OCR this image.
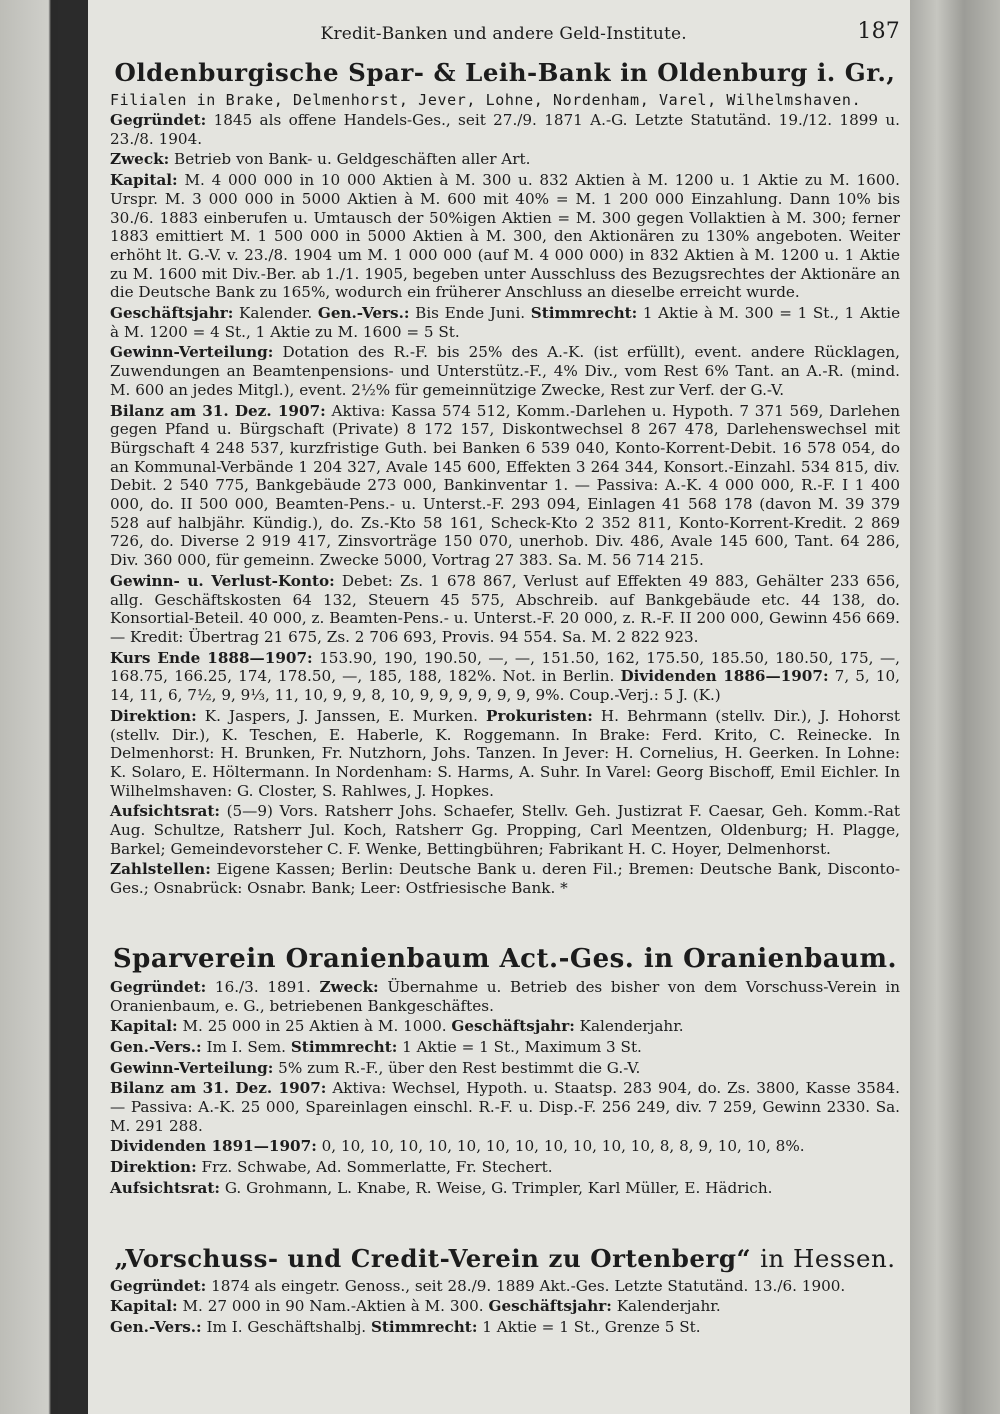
Kredit-Banken und andere Geld-Institute.	187
Oldenburgische Spar- & Leih-Bank in Oldenburg i. Gr.,
Filialen in Brake, Delmenhorst, Jever, Lohne, Nordenham, Varel, Wilhelmshaven.

Gegründet: 1845 als offene Handels-Ges., seit 27./9. 1871 A.-G. Letzte Statutänd. 19./12. 1899 u. 23./8. 1904.

Zweck: Betrieb von Bank- u. Geldgeschäften aller Art.

Kapital: M. 4 000 000 in 10 000 Aktien à M. 300 u. 832 Aktien à M. 1200 u. 1 Aktie zu M. 1600. Urspr. M. 3 000 000 in 5000 Aktien à M. 600 mit 40% = M. 1 200 000 Einzahlung. Dann 10% bis 30./6. 1883 einberufen u. Umtausch der 50%igen Aktien = M. 300 gegen Vollaktien à M. 300; ferner 1883 emittiert M. 1 500 000 in 5000 Aktien à M. 300, den Aktionären zu 130% angeboten. Weiter erhöht lt. G.-V. v. 23./8. 1904 um M. 1 000 000 (auf M. 4 000 000) in 832 Aktien à M. 1200 u. 1 Aktie zu M. 1600 mit Div.-Ber. ab 1./1. 1905, begeben unter Ausschluss des Bezugsrechtes der Aktionäre an die Deutsche Bank zu 165%, wodurch ein früherer Anschluss an dieselbe erreicht wurde.

Geschäftsjahr: Kalender. Gen.-Vers.: Bis Ende Juni. Stimmrecht: 1 Aktie à M. 300 = 1 St., 1 Aktie à M. 1200 = 4 St., 1 Aktie zu M. 1600 = 5 St.

Gewinn-Verteilung: Dotation des R.-F. bis 25% des A.-K. (ist erfüllt), event. andere Rücklagen, Zuwendungen an Beamtenpensions- und Unterstütz.-F., 4% Div., vom Rest 6% Tant. an A.-R. (mind. M. 600 an jedes Mitgl.), event. 2½% für gemeinnützige Zwecke, Rest zur Verf. der G.-V.

Bilanz am 31. Dez. 1907: Aktiva: Kassa 574 512, Komm.-Darlehen u. Hypoth. 7 371 569, Darlehen gegen Pfand u. Bürgschaft (Private) 8 172 157, Diskontwechsel 8 267 478, Darlehenswechsel mit Bürgschaft 4 248 537, kurzfristige Guth. bei Banken 6 539 040, Konto-Korrent-Debit. 16 578 054, do an Kommunal-Verbände 1 204 327, Avale 145 600, Effekten 3 264 344, Konsort.-Einzahl. 534 815, div. Debit. 2 540 775, Bankgebäude 273 000, Bankinventar 1. — Passiva: A.-K. 4 000 000, R.-F. I 1 400 000, do. II 500 000, Beamten-Pens.- u. Unterst.-F. 293 094, Einlagen 41 568 178 (davon M. 39 379 528 auf halbjähr. Kündig.), do. Zs.-Kto 58 161, Scheck-Kto 2 352 811, Konto-Korrent-Kredit. 2 869 726, do. Diverse 2 919 417, Zinsvorträge 150 070, unerhob. Div. 486, Avale 145 600, Tant. 64 286, Div. 360 000, für gemeinn. Zwecke 5000, Vortrag 27 383. Sa. M. 56 714 215.

Gewinn- u. Verlust-Konto: Debet: Zs. 1 678 867, Verlust auf Effekten 49 883, Gehälter 233 656, allg. Geschäftskosten 64 132, Steuern 45 575, Abschreib. auf Bankgebäude etc. 44 138, do. Konsortial-Beteil. 40 000, z. Beamten-Pens.- u. Unterst.-F. 20 000, z. R.-F. II 200 000, Gewinn 456 669. — Kredit: Übertrag 21 675, Zs. 2 706 693, Provis. 94 554. Sa. M. 2 822 923.

Kurs Ende 1888—1907: 153.90, 190, 190.50, —, —, 151.50, 162, 175.50, 185.50, 180.50, 175, —, 168.75, 166.25, 174, 178.50, —, 185, 188, 182%. Not. in Berlin. Dividenden 1886—1907: 7, 5, 10, 14, 11, 6, 7½, 9, 9⅓, 11, 10, 9, 9, 8, 10, 9, 9, 9, 9, 9, 9, 9%. Coup.-Verj.: 5 J. (K.)

Direktion: K. Jaspers, J. Janssen, E. Murken. Prokuristen: H. Behrmann (stellv. Dir.), J. Hohorst (stellv. Dir.), K. Teschen, E. Haberle, K. Roggemann. In Brake: Ferd. Krito, C. Reinecke. In Delmenhorst: H. Brunken, Fr. Nutzhorn, Johs. Tanzen. In Jever: H. Cornelius, H. Geerken. In Lohne: K. Solaro, E. Höltermann. In Nordenham: S. Harms, A. Suhr. In Varel: Georg Bischoff, Emil Eichler. In Wilhelmshaven: G. Closter, S. Rahlwes, J. Hopkes.

Aufsichtsrat: (5—9) Vors. Ratsherr Johs. Schaefer, Stellv. Geh. Justizrat F. Caesar, Geh. Komm.-Rat Aug. Schultze, Ratsherr Jul. Koch, Ratsherr Gg. Propping, Carl Meentzen, Oldenburg; H. Plagge, Barkel; Gemeindevorsteher C. F. Wenke, Bettingbühren; Fabrikant H. C. Hoyer, Delmenhorst.

Zahlstellen: Eigene Kassen; Berlin: Deutsche Bank u. deren Fil.; Bremen: Deutsche Bank, Disconto-Ges.; Osnabrück: Osnabr. Bank; Leer: Ostfriesische Bank. *

Sparverein Oranienbaum Act.-Ges. in Oranienbaum.

Gegründet: 16./3. 1891. Zweck: Übernahme u. Betrieb des bisher von dem Vorschuss-Verein in Oranienbaum, e. G., betriebenen Bankgeschäftes.

Kapital: M. 25 000 in 25 Aktien à M. 1000. Geschäftsjahr: Kalenderjahr.

Gen.-Vers.: Im I. Sem. Stimmrecht: 1 Aktie = 1 St., Maximum 3 St.

Gewinn-Verteilung: 5% zum R.-F., über den Rest bestimmt die G.-V.

Bilanz am 31. Dez. 1907: Aktiva: Wechsel, Hypoth. u. Staatsp. 283 904, do. Zs. 3800, Kasse 3584. — Passiva: A.-K. 25 000, Spareinlagen einschl. R.-F. u. Disp.-F. 256 249, div. 7 259, Gewinn 2330. Sa. M. 291 288.

Dividenden 1891—1907: 0, 10, 10, 10, 10, 10, 10, 10, 10, 10, 10, 10, 8, 8, 9, 10, 10, 8%.

Direktion: Frz. Schwabe, Ad. Sommerlatte, Fr. Stechert.

Aufsichtsrat: G. Grohmann, L. Knabe, R. Weise, G. Trimpler, Karl Müller, E. Hädrich.

„Vorschuss- und Credit-Verein zu Ortenberg“ in Hessen.

Gegründet: 1874 als eingetr. Genoss., seit 28./9. 1889 Akt.-Ges. Letzte Statutänd. 13./6. 1900.

Kapital: M. 27 000 in 90 Nam.-Aktien à M. 300. Geschäftsjahr: Kalenderjahr.

Gen.-Vers.: Im I. Geschäftshalbj. Stimmrecht: 1 Aktie = 1 St., Grenze 5 St.
